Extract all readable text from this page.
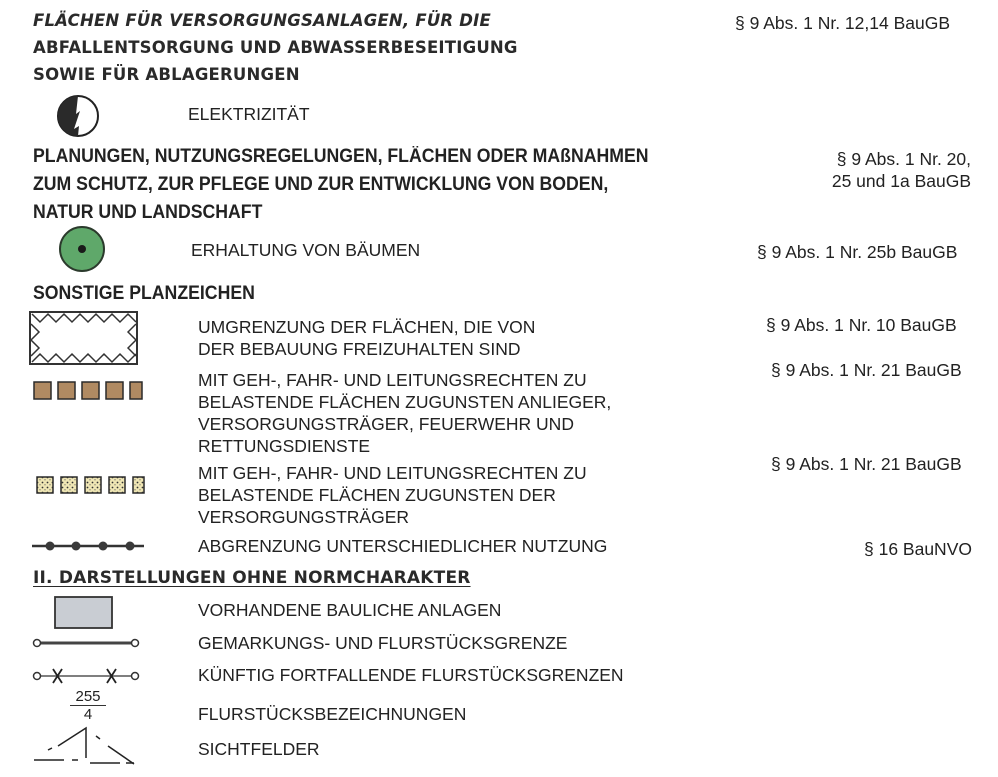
FLÄCHEN FÜR VERSORGUNGSANLAGEN, FÜR DIE
ABFALLENTSORGUNG UND ABWASSERBESEITIGUNG
SOWIE FÜR ABLAGERUNGEN
§ 9 Abs. 1 Nr. 12,14 BauGB
ELEKTRIZITÄT
PLANUNGEN, NUTZUNGSREGELUNGEN, FLÄCHEN ODER MAßNAHMEN
ZUM SCHUTZ, ZUR PFLEGE UND ZUR ENTWICKLUNG VON BODEN,
NATUR UND LANDSCHAFT
§ 9 Abs. 1 Nr. 20,
25 und 1a BauGB
ERHALTUNG VON BÄUMEN	§ 9 Abs. 1 Nr. 25b BauGB
SONSTIGE PLANZEICHEN
UMGRENZUNG DER FLÄCHEN, DIE VON
DER BEBAUUNG FREIZUHALTEN SIND
§ 9 Abs. 1 Nr. 10 BauGB
MIT GEH-, FAHR- UND LEITUNGSRECHTEN ZU
BELASTENDE FLÄCHEN ZUGUNSTEN ANLIEGER,
VERSORGUNGSTRÄGER, FEUERWEHR UND
RETTUNGSDIENSTE
§ 9 Abs. 1 Nr. 21 BauGB
MIT GEH-, FAHR- UND LEITUNGSRECHTEN ZU
BELASTENDE FLÄCHEN ZUGUNSTEN DER
VERSORGUNGSTRÄGER
§ 9 Abs. 1 Nr. 21 BauGB
ABGRENZUNG UNTERSCHIEDLICHER NUTZUNG	§ 16 BauNVO
II. DARSTELLUNGEN OHNE NORMCHARAKTER
VORHANDENE BAULICHE ANLAGEN
GEMARKUNGS- UND FLURSTÜCKSGRENZE
KÜNFTIG FORTFALLENDE FLURSTÜCKSGRENZEN
$\frac{255}{4}$	FLURSTÜCKSBEZEICHNUNGEN
SICHTFELDER
